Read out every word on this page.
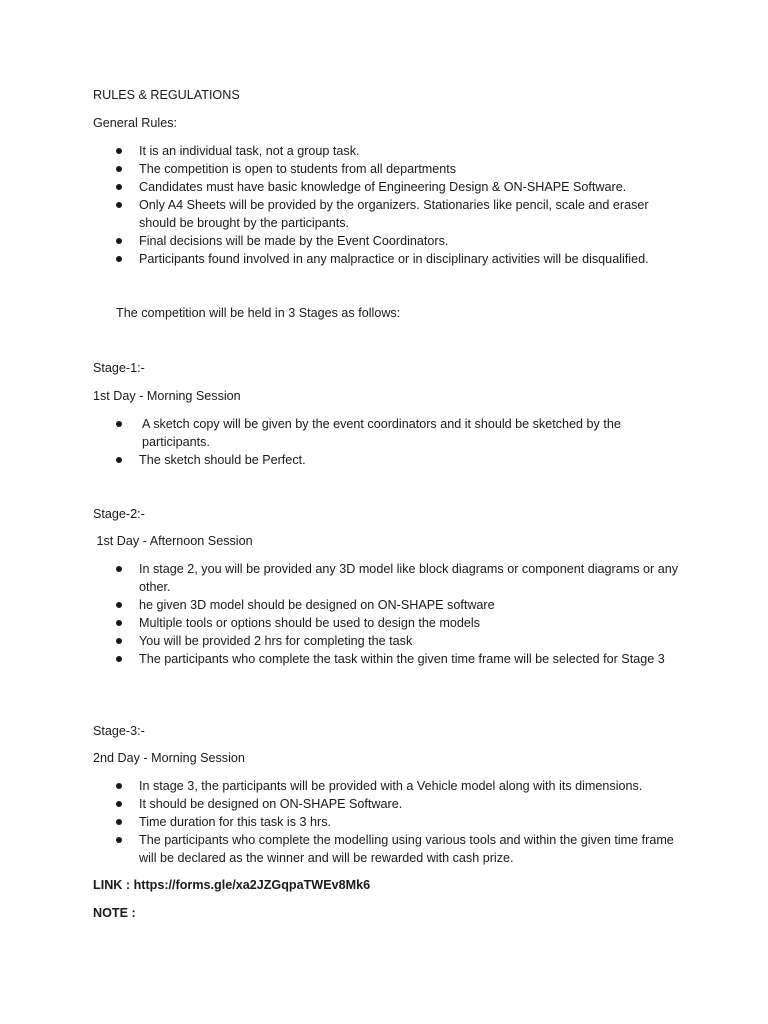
RULES & REGULATIONS
General Rules:
It is an individual task, not a group task.
The competition is open to students from all departments
Candidates must have basic knowledge of Engineering Design & ON-SHAPE Software.
Only A4 Sheets will be provided by the organizers. Stationaries like pencil, scale and eraser should be brought by the participants.
Final decisions will be made by the Event Coordinators.
Participants found involved in any malpractice or in disciplinary activities will be disqualified.
The competition will be held in 3 Stages as follows:
Stage-1:-
1st Day - Morning Session
A sketch copy will be given by the event coordinators and it should be sketched by the participants.
The sketch should be Perfect.
Stage-2:-
1st Day - Afternoon Session
In stage 2, you will be provided any 3D model like block diagrams or component diagrams or any other.
he given 3D model should be designed on ON-SHAPE software
Multiple tools or options should be used to design the models
You will be provided 2 hrs for completing the task
The participants who complete the task within the given time frame will be selected for Stage 3
Stage-3:-
2nd Day - Morning Session
In stage 3, the participants will be provided with a Vehicle model along with its dimensions.
It should be designed on ON-SHAPE Software.
Time duration for this task is 3 hrs.
The participants who complete the modelling using various tools and within the given time frame will be declared as the winner and will be rewarded with cash prize.
LINK : https://forms.gle/xa2JZGqpaTWEv8Mk6
NOTE :
